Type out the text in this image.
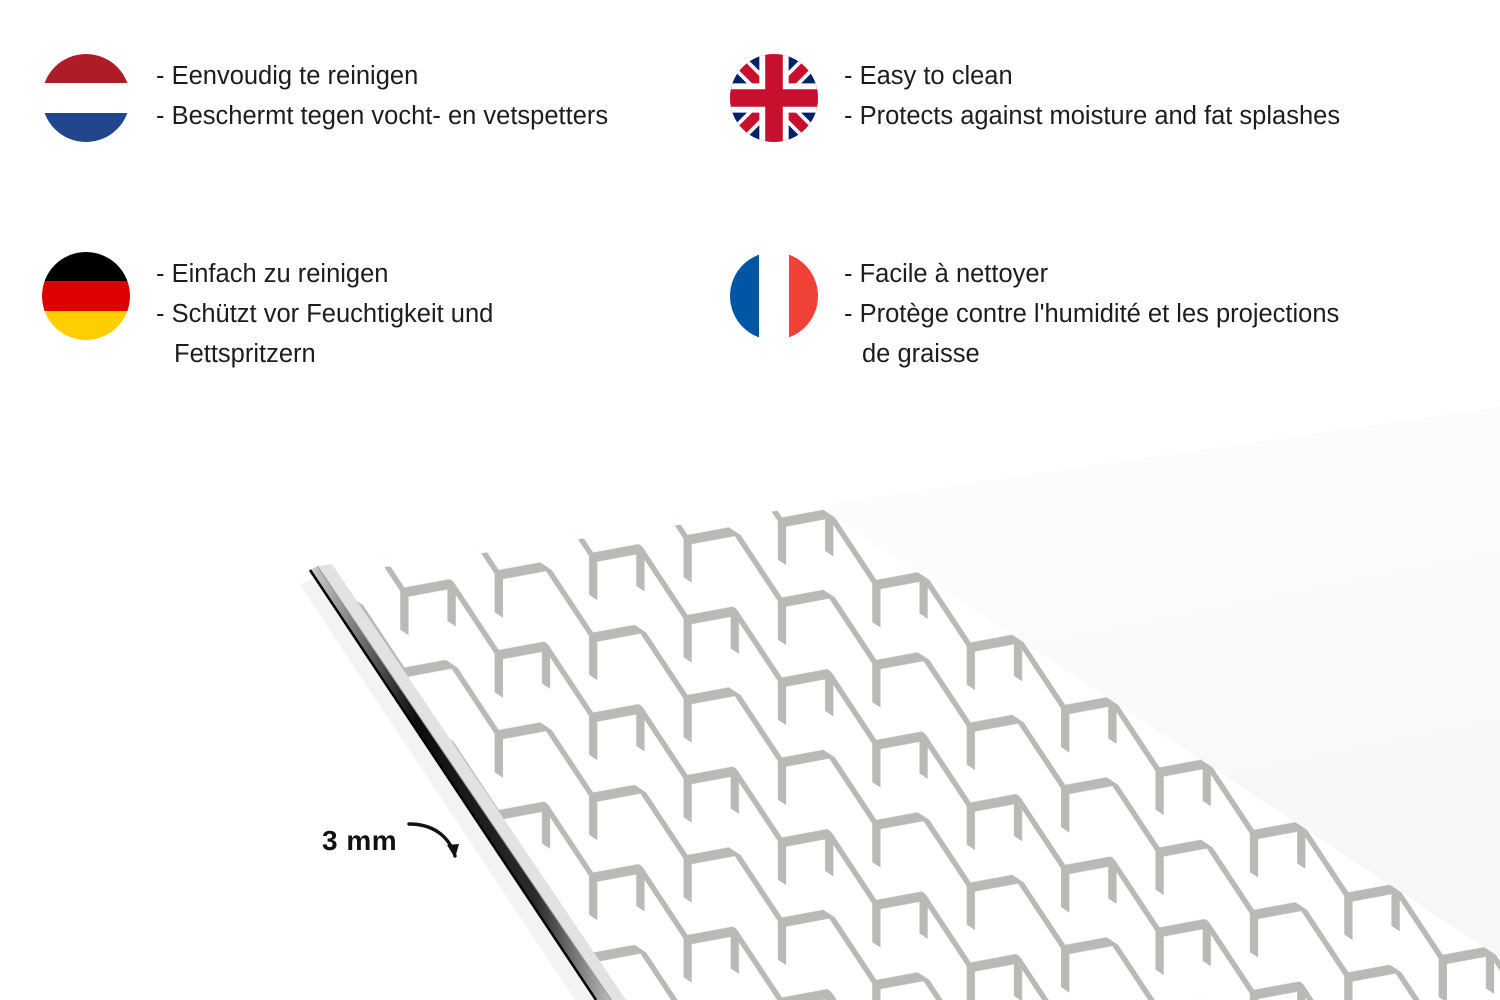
- Eenvoudig te reinigen
- Beschermt tegen vocht- en vetspetters
- Easy to clean
- Protects against moisture and fat splashes
- Einfach zu reinigen
- Schützt vor Feuchtigkeit und
Fettspritzern
- Facile à nettoyer
- Protège contre l'humidité et les projections
de graisse
3 mm
